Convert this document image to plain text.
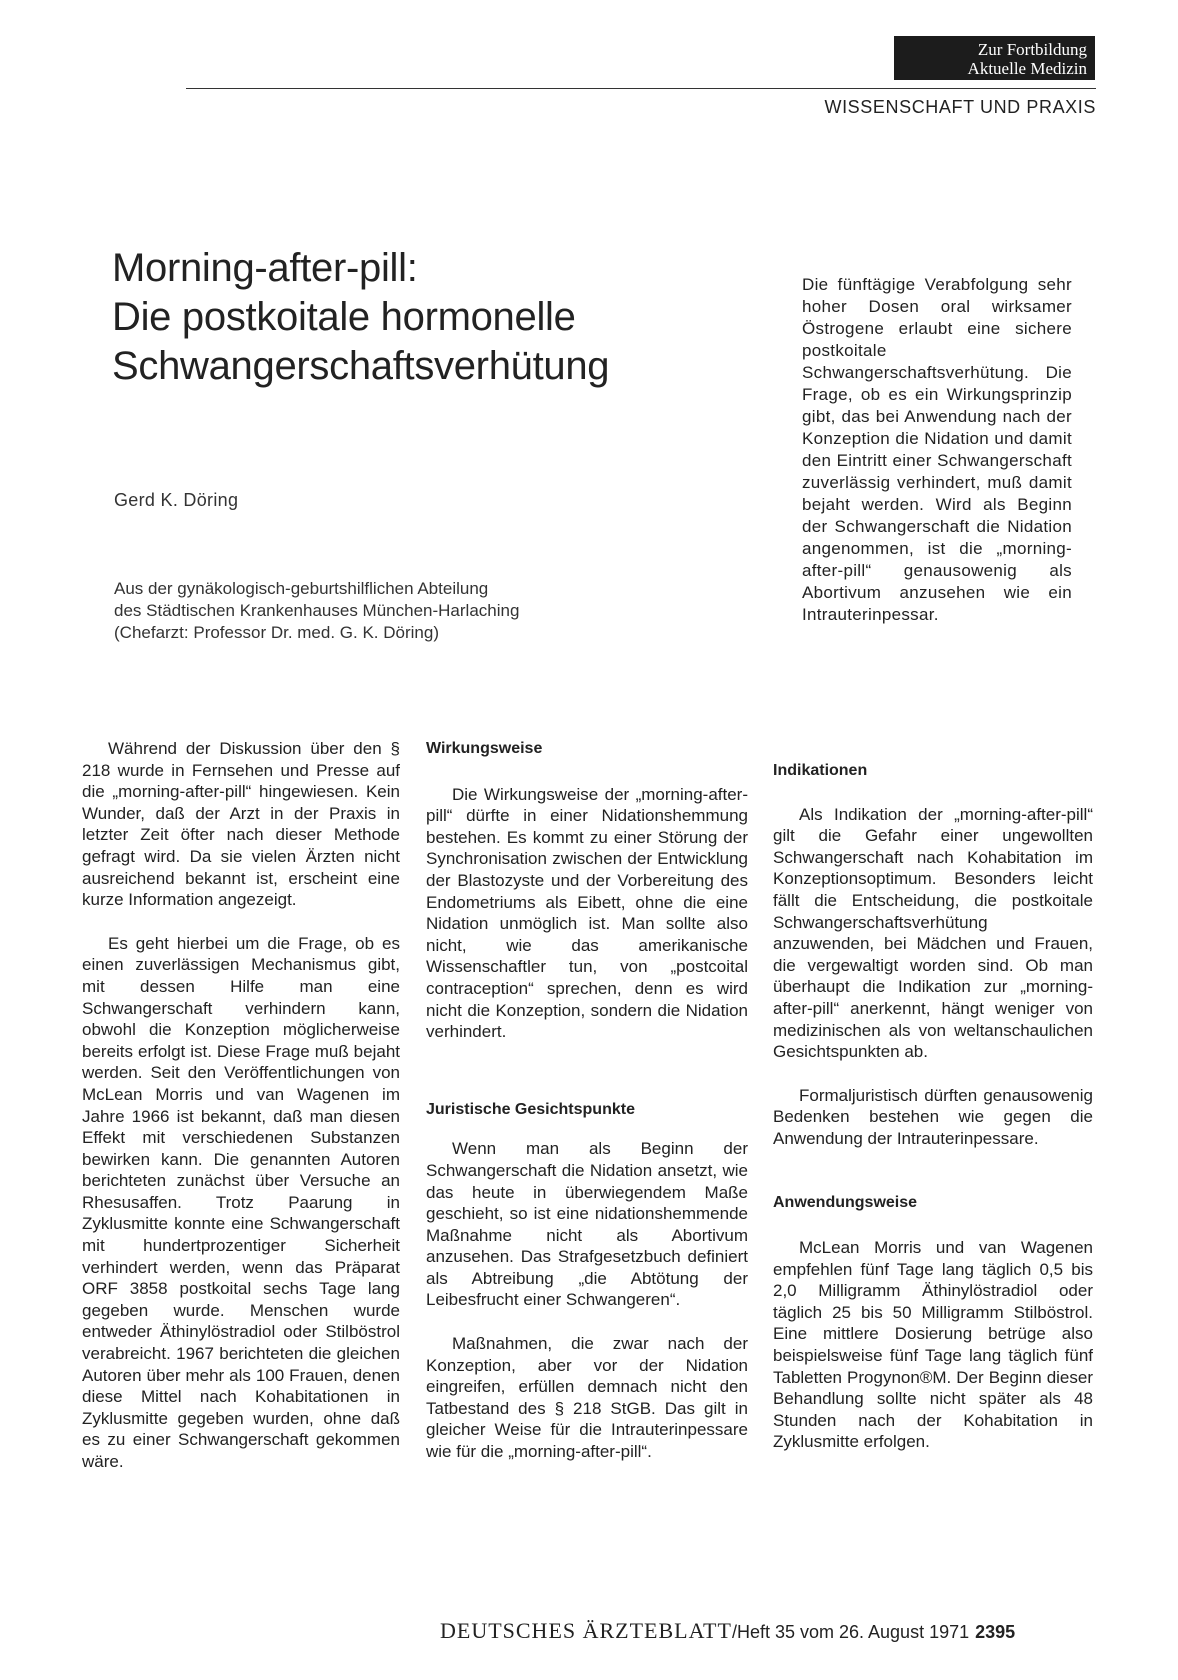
Zur Fortbildung
Aktuelle Medizin
WISSENSCHAFT UND PRAXIS
Morning-after-pill:
Die postkoitale hormonelle
Schwangerschaftsverhütung
Gerd K. Döring
Aus der gynäkologisch-geburtshilflichen Abteilung
des Städtischen Krankenhauses München-Harlaching
(Chefarzt: Professor Dr. med. G. K. Döring)
Die fünftägige Verabfolgung sehr hoher Dosen oral wirksamer Östrogene erlaubt eine sichere postkoitale Schwangerschaftsverhütung. Die Frage, ob es ein Wirkungsprinzip gibt, das bei Anwendung nach der Konzeption die Nidation und damit den Eintritt einer Schwangerschaft zuverlässig verhindert, muß damit bejaht werden. Wird als Beginn der Schwangerschaft die Nidation angenommen, ist die „morning-after-pill“ genausowenig als Abortivum anzusehen wie ein Intrauterinpessar.

Während der Diskussion über den § 218 wurde in Fernsehen und Presse auf die „morning-after-pill“ hingewiesen. Kein Wunder, daß der Arzt in der Praxis in letzter Zeit öfter nach dieser Methode gefragt wird. Da sie vielen Ärzten nicht ausreichend bekannt ist, erscheint eine kurze Information angezeigt.

Es geht hierbei um die Frage, ob es einen zuverlässigen Mechanismus gibt, mit dessen Hilfe man eine Schwangerschaft verhindern kann, obwohl die Konzeption möglicherweise bereits erfolgt ist. Diese Frage muß bejaht werden. Seit den Veröffentlichungen von McLean Morris und van Wagenen im Jahre 1966 ist bekannt, daß man diesen Effekt mit verschiedenen Substanzen bewirken kann. Die genannten Autoren berichteten zunächst über Versuche an Rhesusaffen. Trotz Paarung in Zyklusmitte konnte eine Schwangerschaft mit hundertprozentiger Sicherheit verhindert werden, wenn das Präparat ORF 3858 postkoital sechs Tage lang gegeben wurde. Menschen wurde entweder Äthinylöstradiol oder Stilböstrol verabreicht. 1967 berichteten die gleichen Autoren über mehr als 100 Frauen, denen diese Mittel nach Kohabitationen in Zyklusmitte gegeben wurden, ohne daß es zu einer Schwangerschaft gekommen wäre.

Wirkungsweise

Die Wirkungsweise der „morning-after-pill“ dürfte in einer Nidationshemmung bestehen. Es kommt zu einer Störung der Synchronisation zwischen der Entwicklung der Blastozyste und der Vorbereitung des Endometriums als Eibett, ohne die eine Nidation unmöglich ist. Man sollte also nicht, wie das amerikanische Wissenschaftler tun, von „postcoital contraception“ sprechen, denn es wird nicht die Konzeption, sondern die Nidation verhindert.

Juristische Gesichtspunkte

Wenn man als Beginn der Schwangerschaft die Nidation ansetzt, wie das heute in überwiegendem Maße geschieht, so ist eine nidationshemmende Maßnahme nicht als Abortivum anzusehen. Das Strafgesetzbuch definiert als Abtreibung „die Abtötung der Leibesfrucht einer Schwangeren“.

Maßnahmen, die zwar nach der Konzeption, aber vor der Nidation eingreifen, erfüllen demnach nicht den Tatbestand des § 218 StGB. Das gilt in gleicher Weise für die Intrauterinpessare wie für die „morning-after-pill“.

Indikationen

Als Indikation der „morning-after-pill“ gilt die Gefahr einer ungewollten Schwangerschaft nach Kohabitation im Konzeptionsoptimum. Besonders leicht fällt die Entscheidung, die postkoitale Schwangerschaftsverhütung anzuwenden, bei Mädchen und Frauen, die vergewaltigt worden sind. Ob man überhaupt die Indikation zur „morning-after-pill“ anerkennt, hängt weniger von medizinischen als von weltanschaulichen Gesichtspunkten ab.

Formaljuristisch dürften genausowenig Bedenken bestehen wie gegen die Anwendung der Intrauterinpessare.

Anwendungsweise

McLean Morris und van Wagenen empfehlen fünf Tage lang täglich 0,5 bis 2,0 Milligramm Äthinylöstradiol oder täglich 25 bis 50 Milligramm Stilböstrol. Eine mittlere Dosierung betrüge also beispielsweise fünf Tage lang täglich fünf Tabletten Progynon®M. Der Beginn dieser Behandlung sollte nicht später als 48 Stunden nach der Kohabitation in Zyklusmitte erfolgen.

DEUTSCHES ÄRZTEBLATT/Heft 35 vom 26. August 1971 2395
